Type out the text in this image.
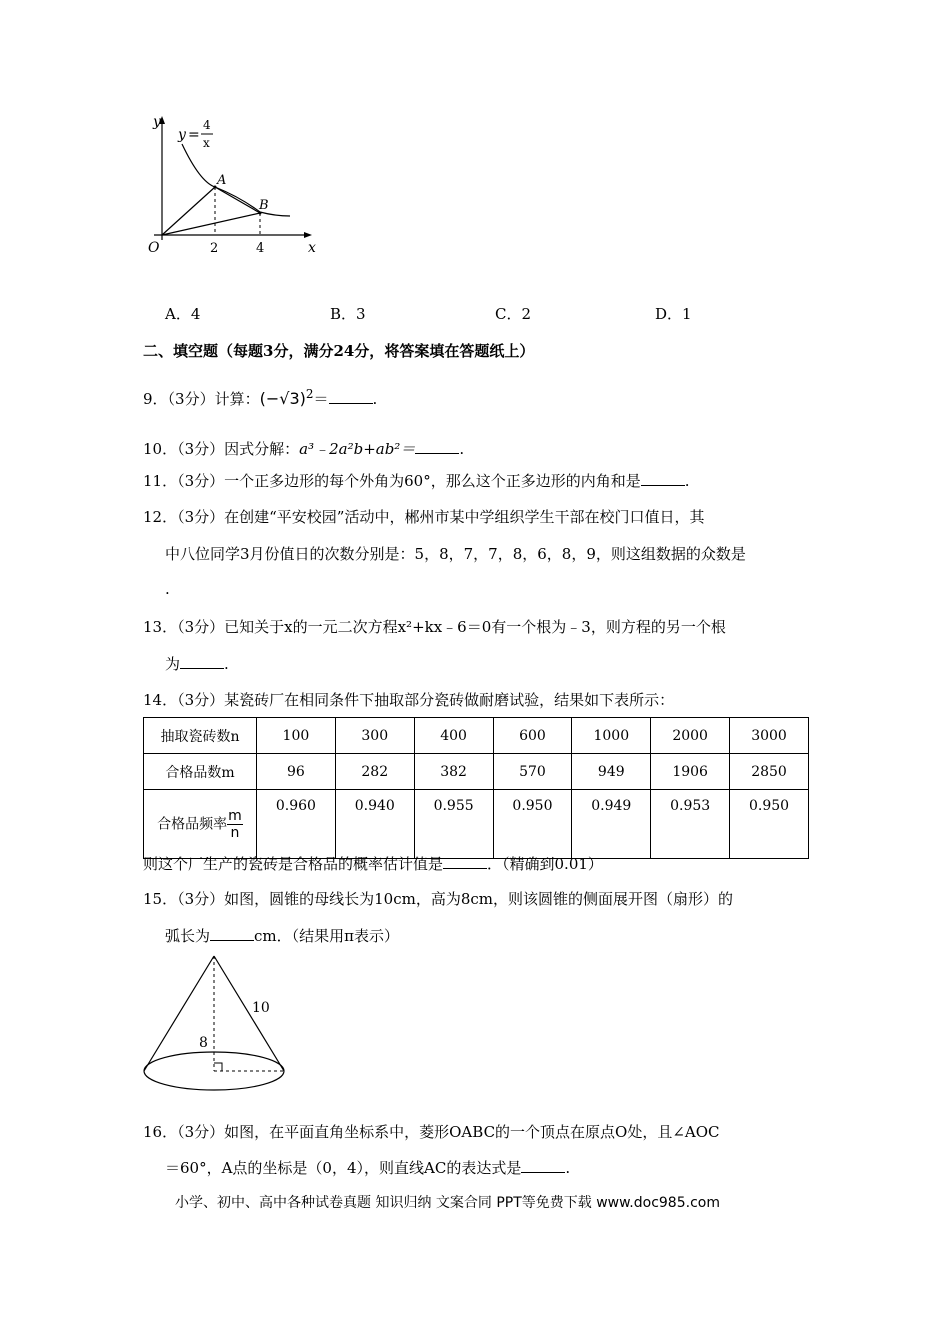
y
x
O
A
B
2	4
y =
4
x
A．4	B．3	C．2	D．1
二、填空题（每题3分，满分24分，将答案填在答题纸上）
9．（3分）计算：$(-√3)^2=$	.
10．（3分）因式分解：a³﹣2a²b+ab²＝	.
11．（3分）一个正多边形的每个外角为60°，那么这个正多边形的内角和是	.
12．（3分）在创建“平安校园”活动中，郴州市某中学组织学生干部在校门口值日，其
中八位同学3月份值日的次数分别是：5，8，7，7，8，6，8，9，则这组数据的众数是
.
13．（3分）已知关于x的一元二次方程x²+kx﹣6＝0有一个根为﹣3，则方程的另一个根
为	.
14．（3分）某瓷砖厂在相同条件下抽取部分瓷砖做耐磨试验，结果如下表所示：
抽取瓷砖数n	100	300	400	600	1000	2000	3000
合格品数m	96	282	382	570	949	1906	2850
合格品频率 $\frac{m}{n}$	0.960	0.940	0.955	0.950	0.949	0.953	0.950
则这个厂生产的瓷砖是合格品的概率估计值是	．（精确到0.01）
15．（3分）如图，圆锥的母线长为10cm，高为8cm，则该圆锥的侧面展开图（扇形）的
弧长为	cm．（结果用π表示）
8
10
16．（3分）如图，在平面直角坐标系中，菱形OABC的一个顶点在原点O处，且∠AOC
＝60°，A点的坐标是（0，4），则直线AC的表达式是	.
小学、初中、高中各种试卷真题 知识归纳 文案合同 PPT等免费下载 www.doc985.com
